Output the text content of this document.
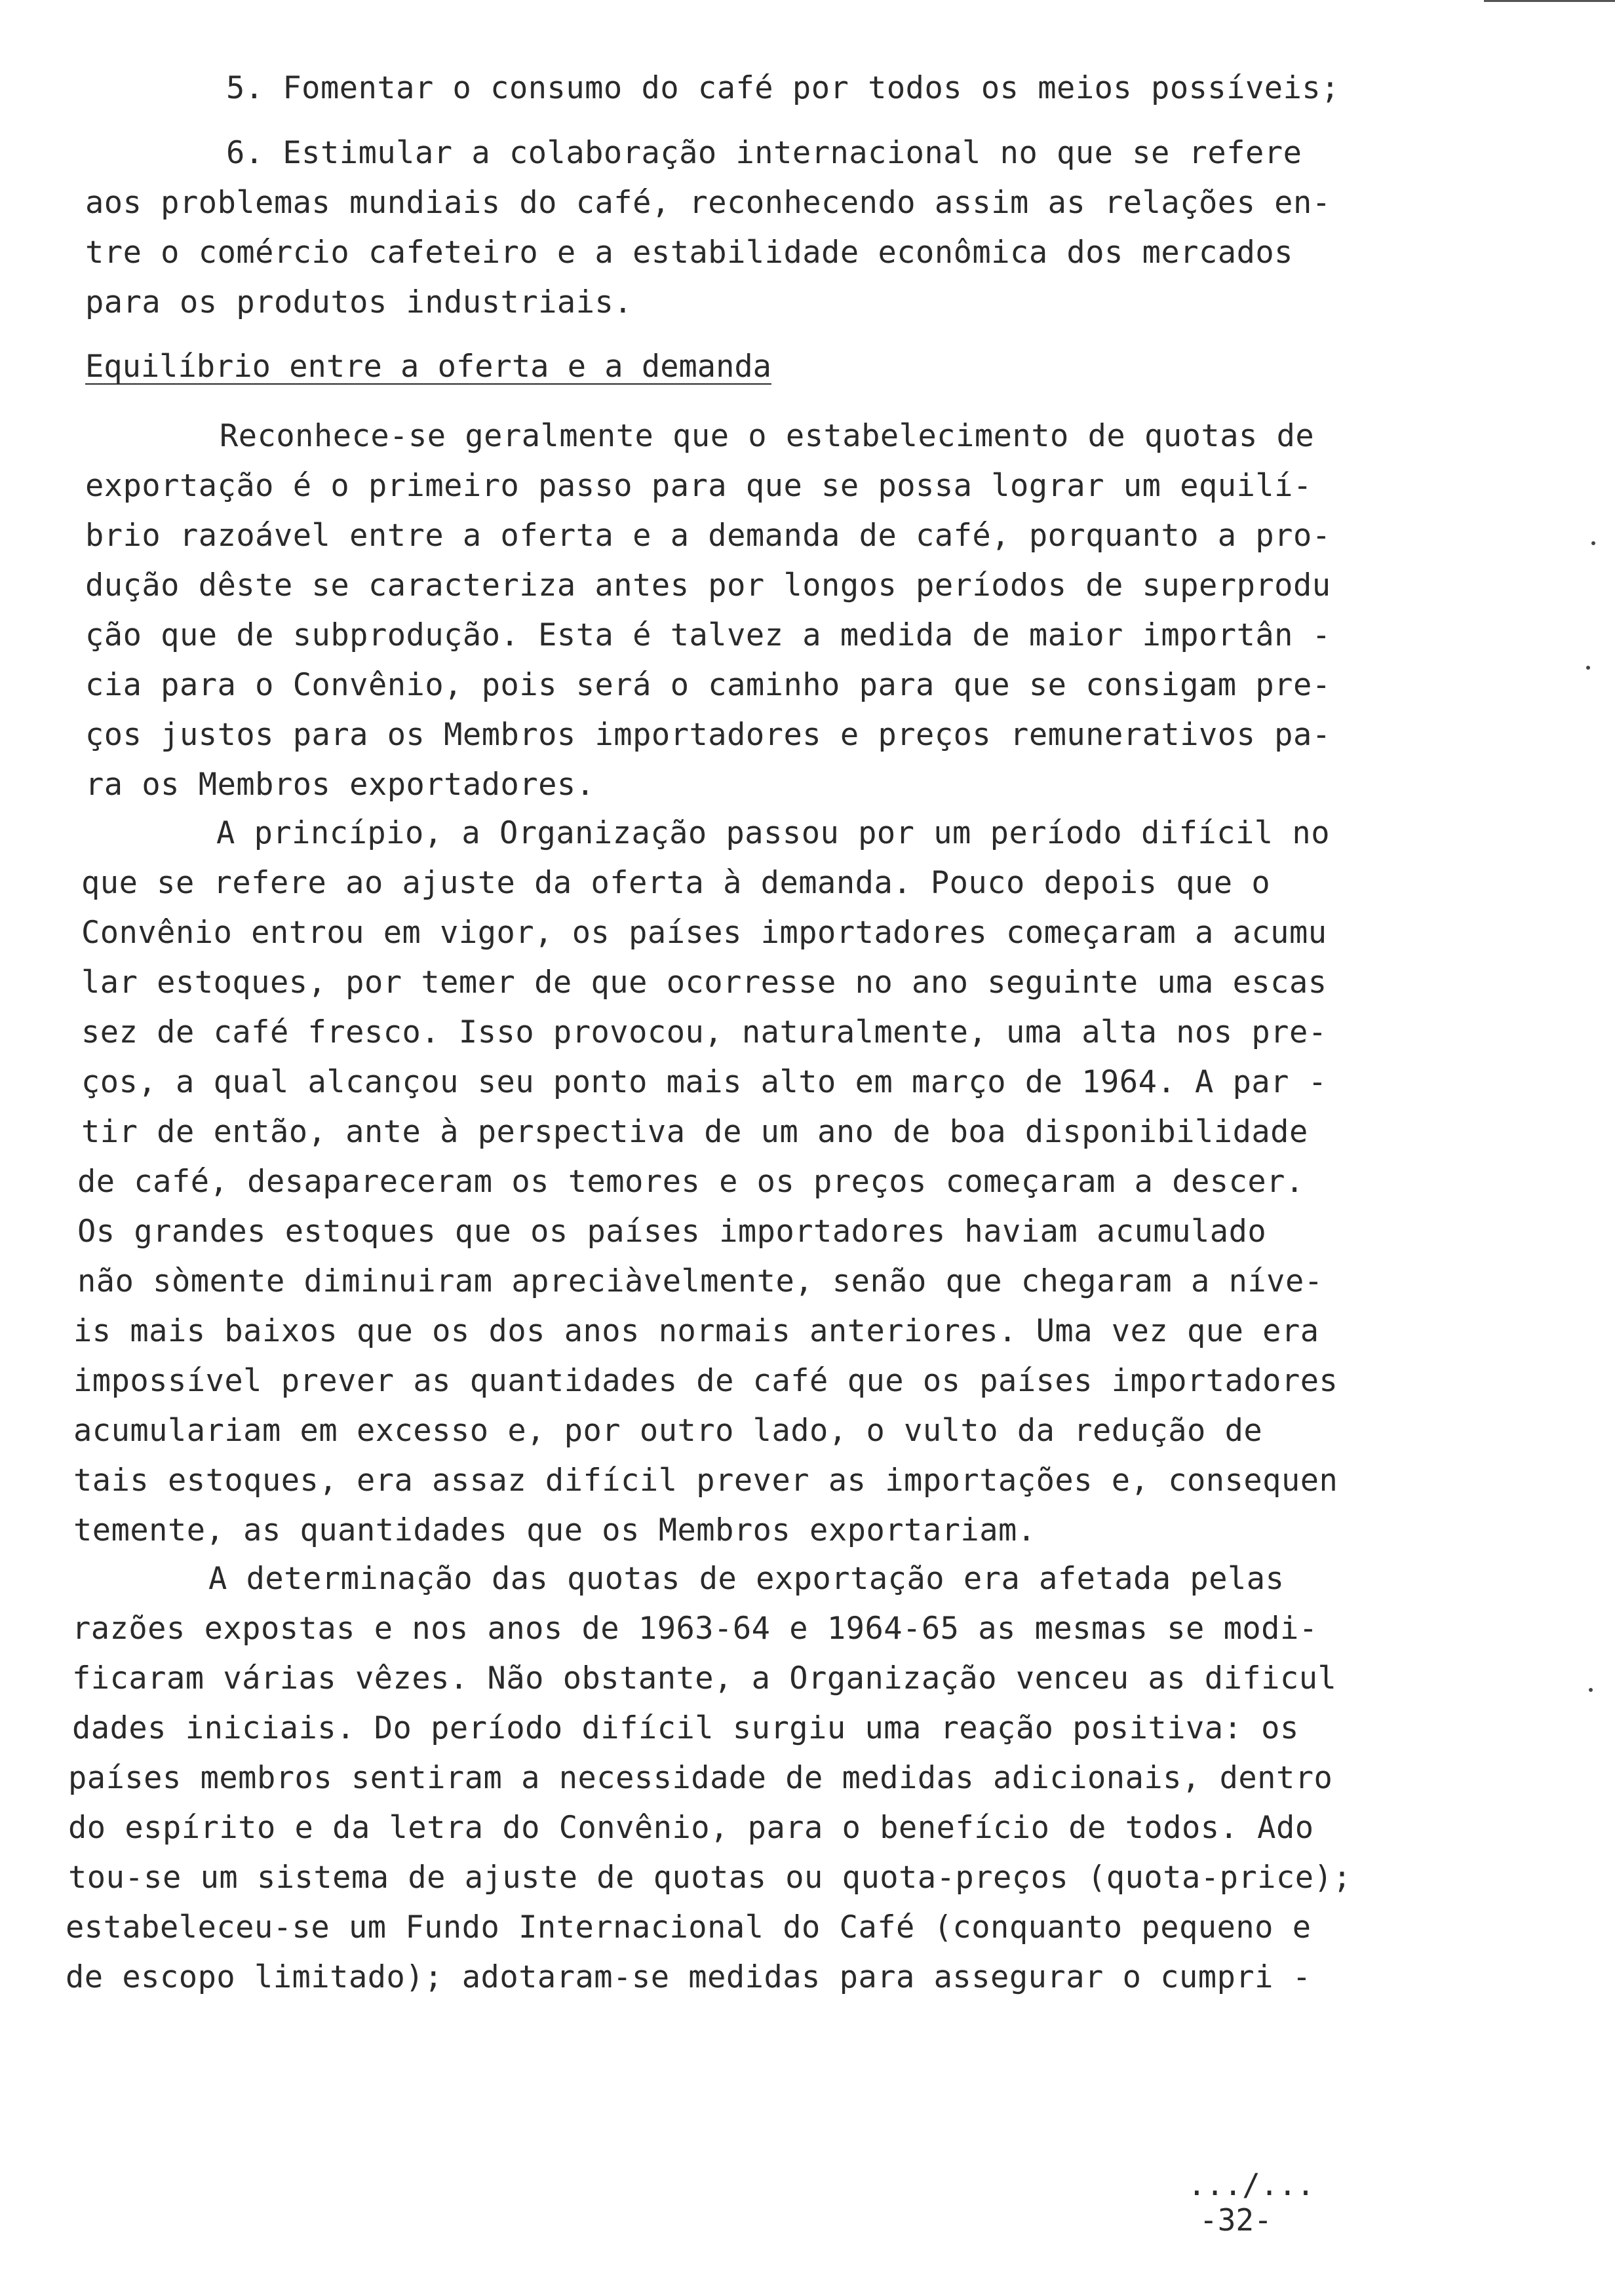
5. Fomentar o consumo do café por todos os meios possíveis;
6. Estimular a colaboração internacional no que se refere
aos problemas mundiais do café, reconhecendo assim as relações en-
tre o comércio cafeteiro e a estabilidade econômica dos mercados
para os produtos industriais.
Equilíbrio entre a oferta e a demanda
Reconhece-se geralmente que o estabelecimento de quotas de
exportação é o primeiro passo para que se possa lograr um equilí-
brio razoável entre a oferta e a demanda de café, porquanto a pro-
dução dêste se caracteriza antes por longos períodos de superprodu
ção que de subprodução. Esta é talvez a medida de maior importân -
cia para o Convênio, pois será o caminho para que se consigam pre-
ços justos para os Membros importadores e preços remunerativos pa-
ra os Membros exportadores.
A princípio, a Organização passou por um período difícil no
que se refere ao ajuste da oferta à demanda. Pouco depois que o
Convênio entrou em vigor, os países importadores começaram a acumu
lar estoques, por temer de que ocorresse no ano seguinte uma escas
sez de café fresco. Isso provocou, naturalmente, uma alta nos pre-
ços, a qual alcançou seu ponto mais alto em março de 1964. A par -
tir de então, ante à perspectiva de um ano de boa disponibilidade
de café, desapareceram os temores e os preços começaram a descer.
Os grandes estoques que os países importadores haviam acumulado
não sòmente diminuiram apreciàvelmente, senão que chegaram a níve-
is mais baixos que os dos anos normais anteriores. Uma vez que era
impossível prever as quantidades de café que os países importadores
acumulariam em excesso e, por outro lado, o vulto da redução de
tais estoques, era assaz difícil prever as importações e, consequen
temente, as quantidades que os Membros exportariam.
A determinação das quotas de exportação era afetada pelas
razões expostas e nos anos de 1963-64 e 1964-65 as mesmas se modi-
ficaram várias vêzes. Não obstante, a Organização venceu as dificul
dades iniciais. Do período difícil surgiu uma reação positiva: os
países membros sentiram a necessidade de medidas adicionais, dentro
do espírito e da letra do Convênio, para o benefício de todos. Ado
tou-se um sistema de ajuste de quotas ou quota-preços (quota-price);
estabeleceu-se um Fundo Internacional do Café (conquanto pequeno e
de escopo limitado); adotaram-se medidas para assegurar o cumpri -
.../...
-32-
